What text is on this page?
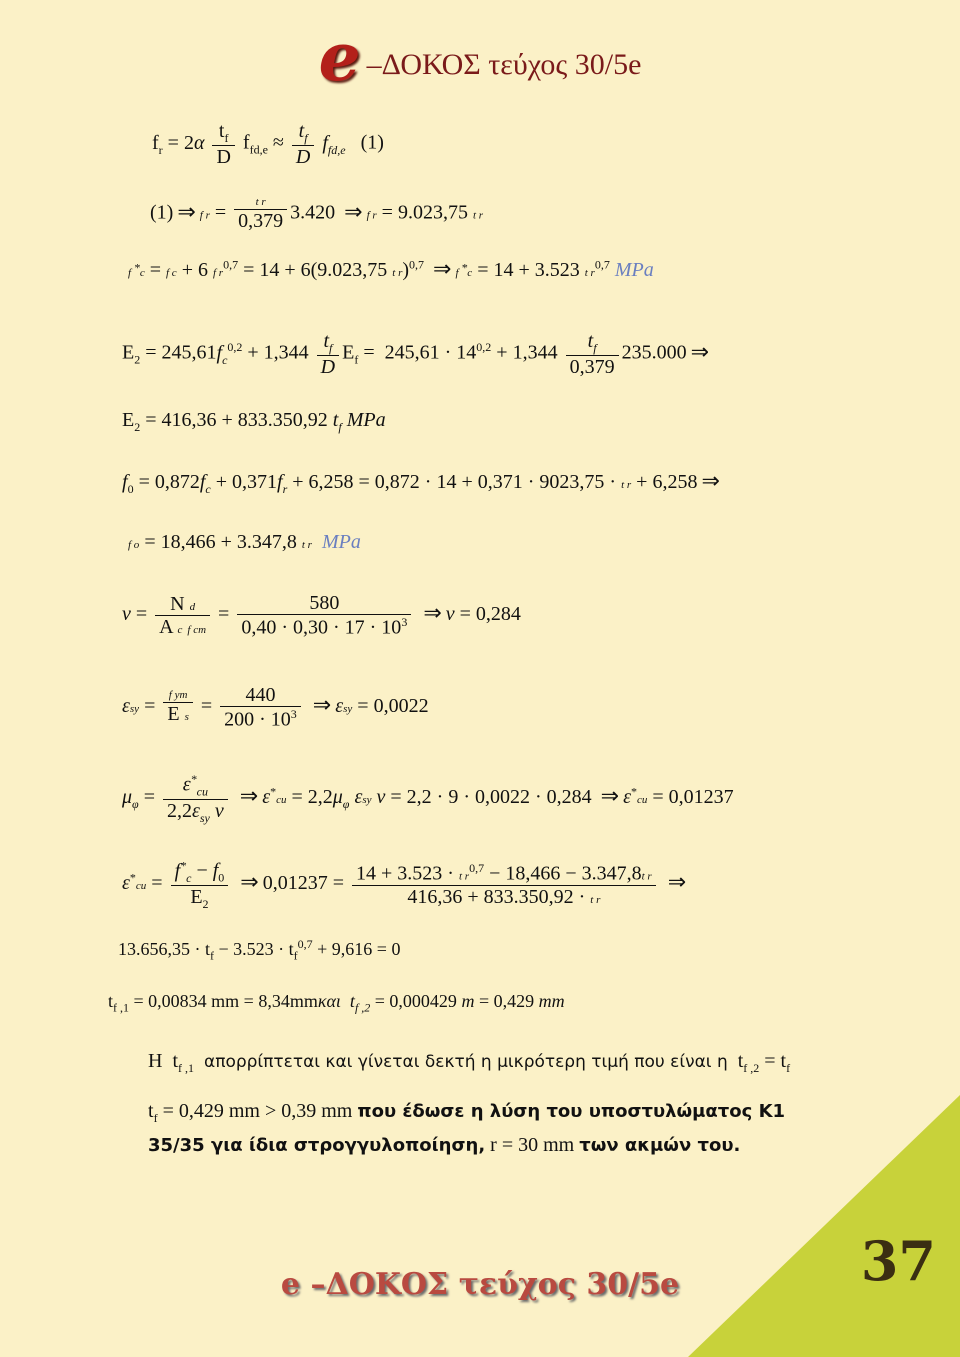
e –ΔΟΚΟΣ τεύχος 30/5e
$f_r = 2\alpha \frac{t_f}{D} f_{fd,e} \approx \frac{t_f}{D} f_{fd,e}$   (1)
(1) ⇒ f $r = \frac{\text{t r}}{0,379} 3.420$ ⇒ f r = 9.023,75 t r
f *c = f c + 6 f $r^{0,7} = 14 + 6(9.023,75$ t r)$^{0,7}$ ⇒ f *c = 14 + 3.523 t $r^{0,7}$ MPa
$E_2 = 245,61f_c^{0,2} + 1,344 \frac{t_f}{D} E_f = 245,61 \cdot 14^{0,2} + 1,344 \frac{t_f}{0,379} 235.000$ ⇒
$E_2 = 416,36 + 833.350,92$ $t_f$ MPa
$f_0 = 0,872f_c + 0,371f_r + 6,258 = 0,872 \cdot 14 + 0,371 \cdot 9023,75 \cdot t$ r + 6,258 ⇒
f o = 18,466 + 3.347,8 t r MPa
$\nu = \frac{\text{N d}}{\text{A c f cm}} = \frac{580}{0,40 \cdot 0,30 \cdot 17 \cdot 10^3}$ ⇒ ν = 0,284
$\varepsilon sy = \frac{\text{f ym}}{\text{E s}} = \frac{440}{200 \cdot 10^3}$ ⇒ εsy = 0,0022
$\mu_\varphi = \frac{\varepsilon^*_{cu}}{2,2\varepsilon_{sy} \nu}$ ⇒ $\varepsilon^*cu = 2,2\mu_\varphi$ εsy ν = 2,2 · 9 · 0,0022 · 0,284 ⇒ ε*cu = 0,01237
$\varepsilon^*cu = \frac{f^*_c - f_0}{E_2}$ ⇒ $0,01237 = \frac{14 + 3.523 \cdot t r^{0,7} - 18,466 - 3.347,8t r}{\text{416,36 + 833.350,92 · t r}}$ ⇒
$13.656,35 \cdot t_f - 3.523 \cdot t_f^{0,7} + 9,616 = 0$
$t_{f ,1} = 0,00834$ mm = 8,34mmκαι $t_{f ,2} = 0,000429$ m = 0,429 mm
Η  $t_{f ,1}$ απορρίπτεται και γίνεται δεκτή η μικρότερη τιμή που είναι η  $t_{f ,2} = t_f$
$t_f = 0,429$ mm > 0,39 mm που έδωσε η λύση του υποστυλώματος Κ1
35/35 για ίδια στρογγυλοποίηση, r = 30 mm των ακμών του.
37
e –ΔΟΚΟΣ τεύχος 30/5e
